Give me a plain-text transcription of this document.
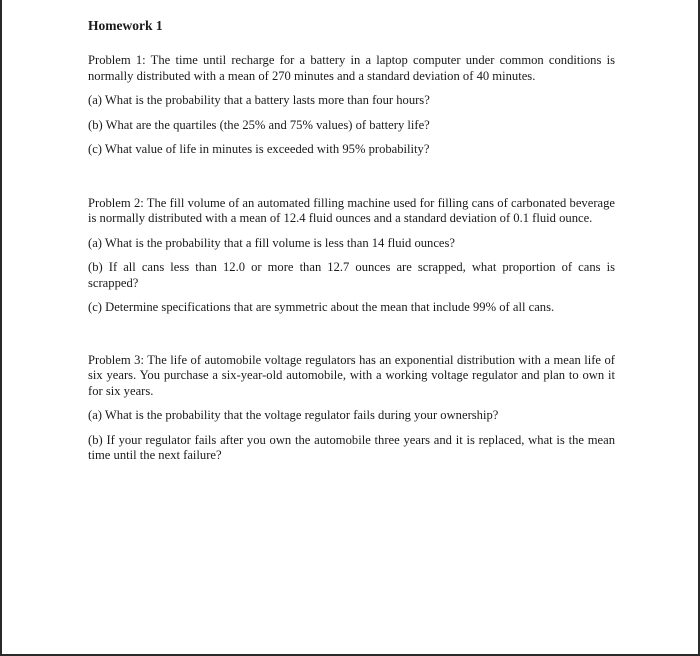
Homework 1

Problem 1: The time until recharge for a battery in a laptop computer under common conditions is normally distributed with a mean of 270 minutes and a standard deviation of 40 minutes.

(a) What is the probability that a battery lasts more than four hours?

(b) What are the quartiles (the 25% and 75% values) of battery life?

(c) What value of life in minutes is exceeded with 95% probability?

Problem 2: The fill volume of an automated filling machine used for filling cans of carbonated beverage is normally distributed with a mean of 12.4 fluid ounces and a standard deviation of 0.1 fluid ounce.

(a) What is the probability that a fill volume is less than 14 fluid ounces?

(b) If all cans less than 12.0 or more than 12.7 ounces are scrapped, what proportion of cans is scrapped?

(c) Determine specifications that are symmetric about the mean that include 99% of all cans.

Problem 3: The life of automobile voltage regulators has an exponential distribution with a mean life of six years. You purchase a six-year-old automobile, with a working voltage regulator and plan to own it for six years.

(a) What is the probability that the voltage regulator fails during your ownership?

(b) If your regulator fails after you own the automobile three years and it is replaced, what is the mean time until the next failure?
